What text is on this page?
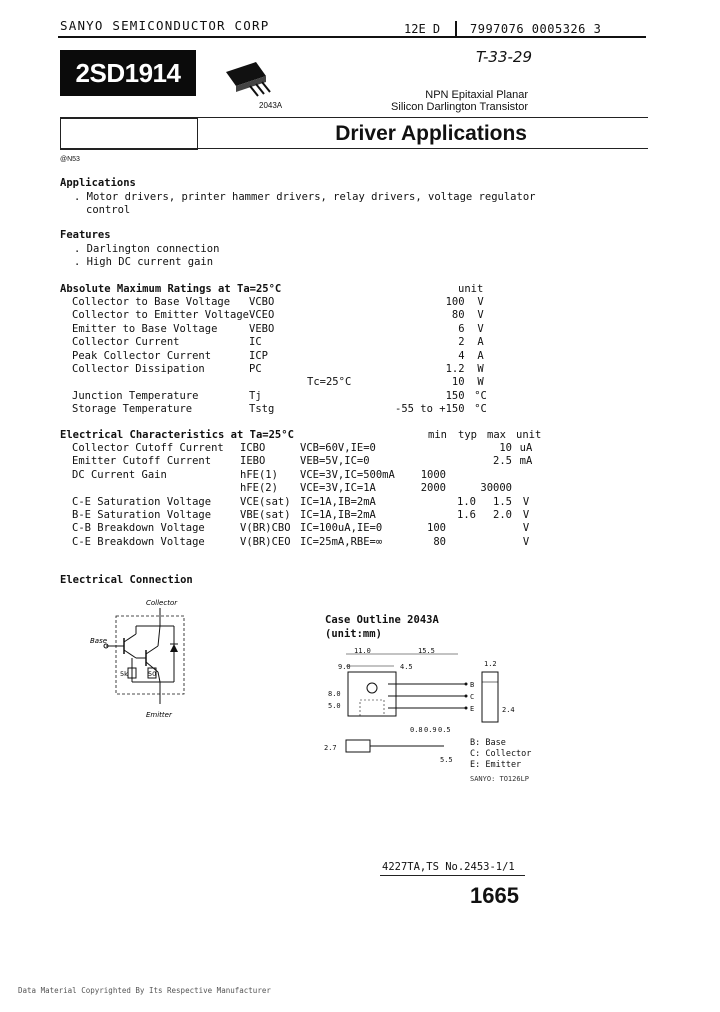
SANYO SEMICONDUCTOR CORP	12E D 7997076 0005326 3
T-33-29
2SD1914
2043A
NPN Epitaxial Planar
Silicon Darlington Transistor
Driver Applications
@N53
Applications
. Motor drivers, printer hammer drivers, relay drivers, voltage regulator
control
Features
. Darlington connection
. High DC current gain
Absolute Maximum Ratings at Ta=25°C	unit
Collector to Base Voltage	VCBO		100	V
Collector to Emitter Voltage	VCEO		80	V
Emitter to Base Voltage	VEBO		6	V
Collector Current	IC		2	A
Peak Collector Current	ICP		4	A
Collector Dissipation	PC		1.2	W
		Tc=25°C	10	W
Junction Temperature	Tj		150	°C
Storage Temperature	Tstg		-55 to +150	°C
Electrical Characteristics at Ta=25°C	min typ max unit
Collector Cutoff Current	ICBO	VCB=60V,IE=0			10	uA
Emitter Cutoff Current	IEBO	VEB=5V,IC=0			2.5	mA
DC Current Gain	hFE(1)	VCE=3V,IC=500mA	1000			
	hFE(2)	VCE=3V,IC=1A	2000		30000	
C-E Saturation Voltage	VCE(sat)	IC=1A,IB=2mA		1.0	1.5	V
B-E Saturation Voltage	VBE(sat)	IC=1A,IB=2mA		1.6	2.0	V
C-B Breakdown Voltage	V(BR)CBO	IC=100uA,IE=0	100			V
C-E Breakdown Voltage	V(BR)CEO	IC=25mA,RBE=∞	80			V
Electrical Connection
Collector
Base
Emitter
5k	50
Case Outline 2043A
(unit:mm)
11.0	15.5
9.0	4.5
8.0
5.0
0.8 0.9 0.5
2.7
5.5
1.2
2.4
B
C
E
B: Base
C: Collector
E: Emitter
SANYO: TO126LP
4227TA,TS No.2453-1/1
1665
Data Material Copyrighted By Its Respective Manufacturer
